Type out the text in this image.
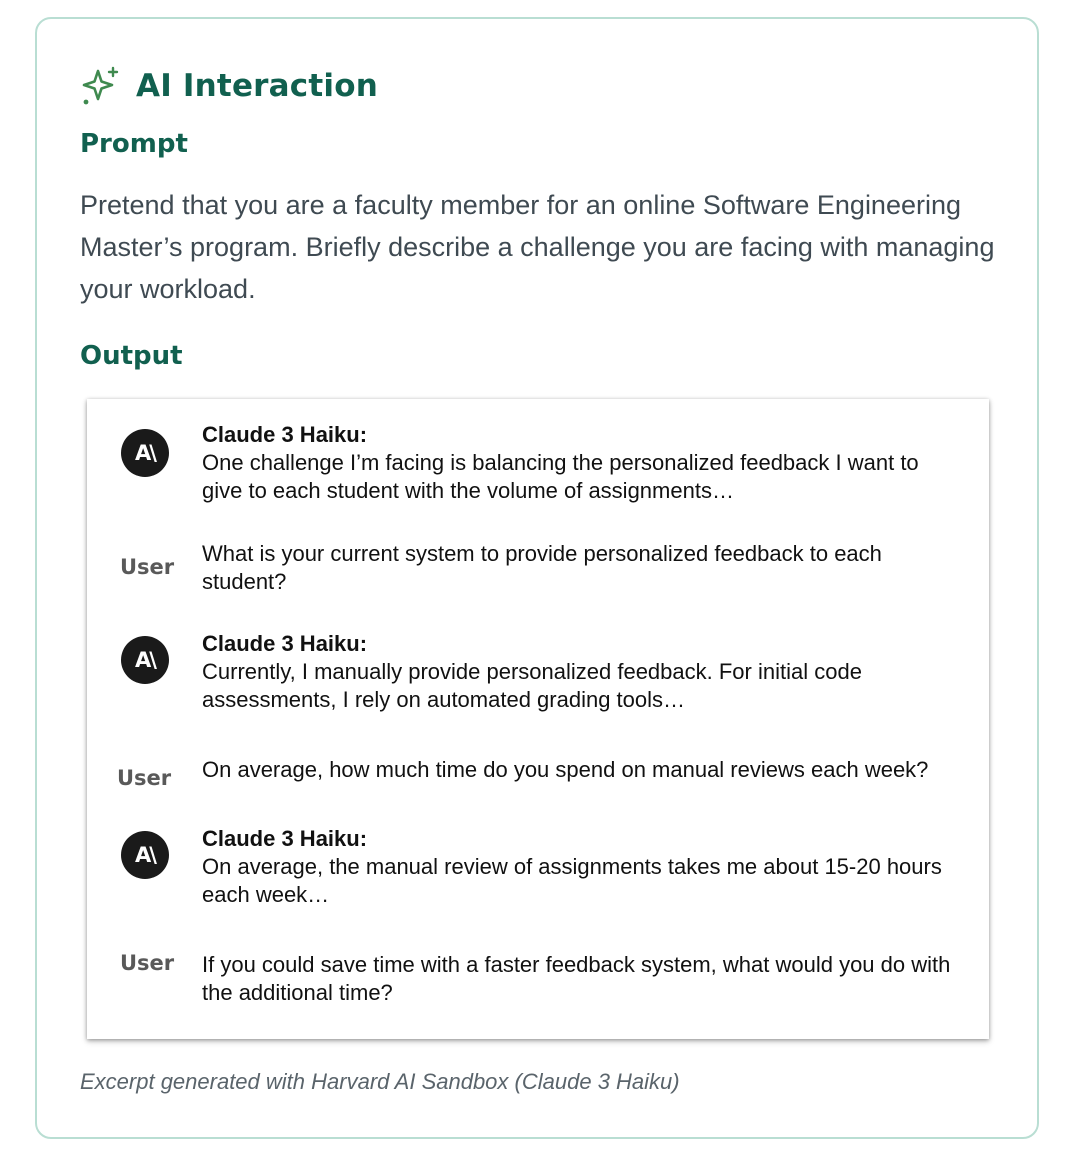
AI Interaction
Prompt
Pretend that you are a faculty member for an online Software Engineering Master’s program. Briefly describe a challenge you are facing with managing your workload.
Output
A\
Claude 3 Haiku:
One challenge I’m facing is balancing the personalized feedback I want to give to each student with the volume of assignments…
User
What is your current system to provide personalized feedback to each student?
A\
Claude 3 Haiku:
Currently, I manually provide personalized feedback. For initial code assessments, I rely on automated grading tools…
User On average, how much time do you spend on manual reviews each week?
A\
Claude 3 Haiku:
On average, the manual review of assignments takes me about 15-20 hours each week…
User If you could save time with a faster feedback system, what would you do with the additional time?
Excerpt generated with Harvard AI Sandbox (Claude 3 Haiku)
